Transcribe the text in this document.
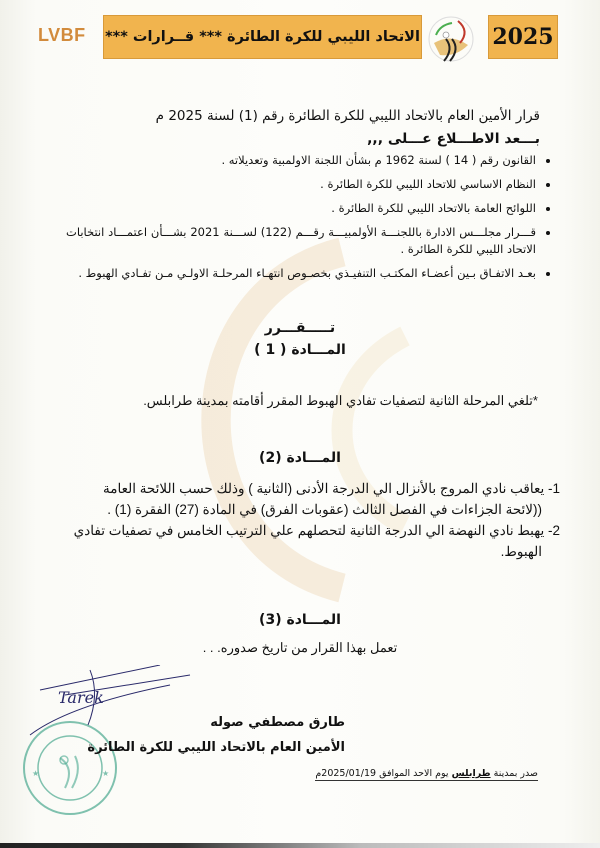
LVBF الاتحاد الليبي للكرة الطائرة *** قــرارات ***	2025
قرار الأمين العام بالاتحاد الليبي للكرة الطائرة رقم (1) لسنة 2025 م
بـــعد الاطـــلاع عـــلى ,,,
• القانون رقم ( 14 ) لسنة 1962 م بشأن اللجنة الاولمبية وتعديلاته .
• النظام الاساسي للاتحاد الليبي للكرة الطائرة .
• اللوائح العامة بالاتحاد الليبي للكرة الطائرة .
• قـــرار مجلـــس الادارة باللجنـــة الأولمبيـــة رقـــم (122) لســـنة 2021 بشـــأن اعتمـــاد انتخابات الاتحاد الليبي للكرة الطائرة .
• بعـد الاتفـاق بـين أعضـاء المكتـب التنفيـذي بخصـوص انتهـاء المرحلـة الاولـي مـن تفـادي الهبوط .
تـــــقـــرر
المـــادة ( 1 )
*تلغي المرحلة الثانية لتصفيات تفادي الهبوط المقرر أقامته بمدينة طرابلس.
المـــادة (2)

1- يعاقب نادي المروج بالأنزال الي الدرجة الأدنى (الثانية ) وذلك حسب اللائحة العامة

((لائحة الجزاءات في الفصل الثالث (عقوبات الفرق) في المادة (27) الفقرة (1) .

2- يهبط نادي النهضة الي الدرجة الثانية لتحصلهم علي الترتيب الخامس في تصفيات تفادي

الهبوط.

المـــادة (3)
تعمل بهذا القرار من تاريخ صدوره. . .
★	★
Tarek
طارق مصطفي صوله
الأمين العام بالاتحاد الليبي للكرة الطائرة
صدر بمدينة طرابلس يوم الاحد الموافق 2025/01/19م
